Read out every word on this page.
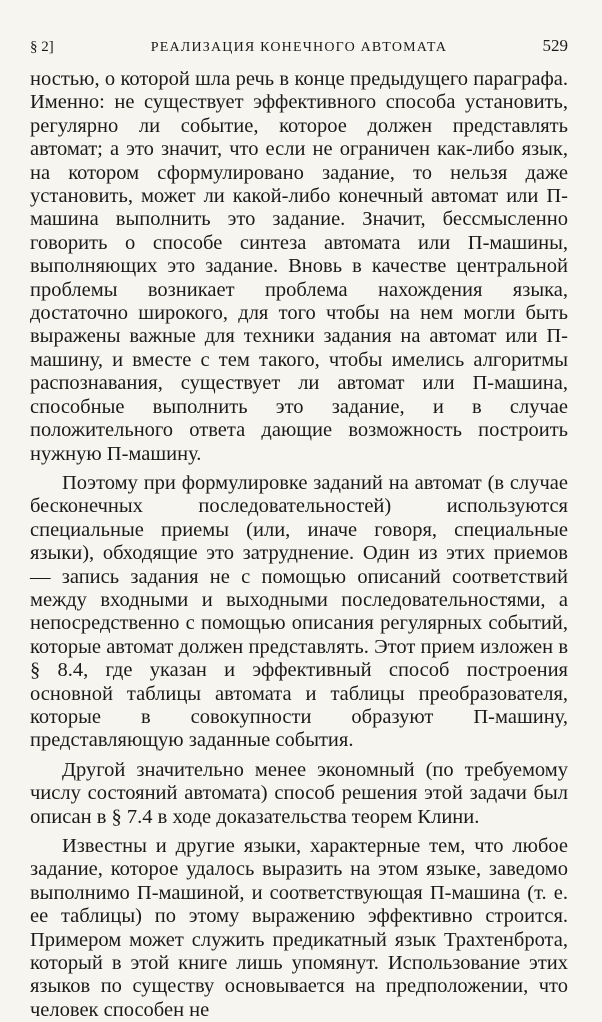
§ 2]	РЕАЛИЗАЦИЯ КОНЕЧНОГО АВТОМАТА	529

ностью, о которой шла речь в конце предыдущего параграфа. Именно: не существует эффективного способа установить, регулярно ли событие, которое должен представлять автомат; а это значит, что если не ограничен как-либо язык, на котором сформулировано задание, то нельзя даже установить, может ли какой-либо конечный автомат или П-машина выполнить это задание. Значит, бессмысленно говорить о способе синтеза автомата или П-машины, выполняющих это задание. Вновь в качестве центральной проблемы возникает проблема нахождения языка, достаточно широкого, для того чтобы на нем могли быть выражены важные для техники задания на автомат или П-машину, и вместе с тем такого, чтобы имелись алгоритмы распознавания, существует ли автомат или П-машина, способные выполнить это задание, и в случае положительного ответа дающие возможность построить нужную П-машину.

Поэтому при формулировке заданий на автомат (в случае бесконечных последовательностей) используются специальные приемы (или, иначе говоря, специальные языки), обходящие это затруднение. Один из этих приемов — запись задания не с помощью описаний соответствий между входными и выходными последовательностями, а непосредственно с помощью описания регулярных событий, которые автомат должен представлять. Этот прием изложен в § 8.4, где указан и эффективный способ построения основной таблицы автомата и таблицы преобразователя, которые в совокупности образуют П-машину, представляющую заданные события.

Другой значительно менее экономный (по требуемому числу состояний автомата) способ решения этой задачи был описан в § 7.4 в ходе доказательства теорем Клини.

Известны и другие языки, характерные тем, что любое задание, которое удалось выразить на этом языке, заведомо выполнимо П-машиной, и соответствующая П-машина (т. е. ее таблицы) по этому выражению эффективно строится. Примером может служить предикатный язык Трахтенброта, который в этой книге лишь упомянут. Использование этих языков по существу основывается на предположении, что человек способен не
